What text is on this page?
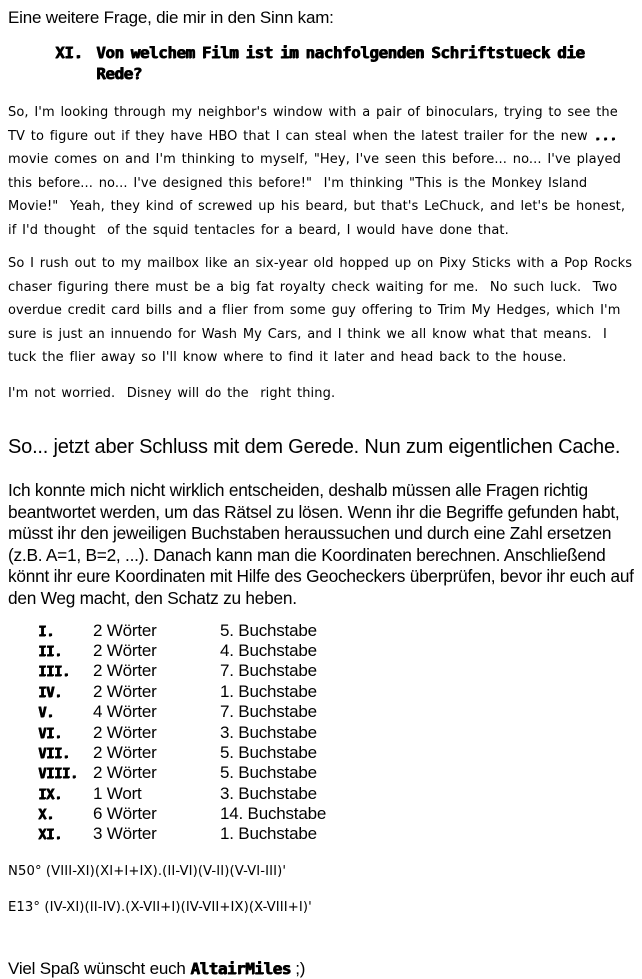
Eine weitere Frage, die mir in den Sinn kam:
XI. Von welchem Film ist im nachfolgenden Schriftstueck die Rede?
So, I'm looking through my neighbor's window with a pair of binoculars, trying to see the TV to figure out if they have HBO that I can steal when the latest trailer for the new ... movie comes on and I'm thinking to myself, "Hey, I've seen this before... no... I've played this before... no... I've designed this before!"  I'm thinking "This is the Monkey Island Movie!"  Yeah, they kind of screwed up his beard, but that's LeChuck, and let's be honest, if I'd thought  of the squid tentacles for a beard, I would have done that.
So I rush out to my mailbox like an six-year old hopped up on Pixy Sticks with a Pop Rocks chaser figuring there must be a big fat royalty check waiting for me.  No such luck.  Two overdue credit card bills and a flier from some guy offering to Trim My Hedges, which I'm sure is just an innuendo for Wash My Cars, and I think we all know what that means.  I tuck the flier away so I'll know where to find it later and head back to the house.
I'm not worried.  Disney will do the  right thing.
So... jetzt aber Schluss mit dem Gerede. Nun zum eigentlichen Cache.
Ich konnte mich nicht wirklich entscheiden, deshalb müssen alle Fragen richtig beantwortet werden, um das Rätsel zu lösen. Wenn ihr die Begriffe gefunden habt, müsst ihr den jeweiligen Buchstaben heraussuchen und durch eine Zahl ersetzen (z.B. A=1, B=2, ...). Danach kann man die Koordinaten berechnen. Anschließend könnt ihr eure Koordinaten mit Hilfe des Geocheckers überprüfen, bevor ihr euch auf den Weg macht, den Schatz zu heben.
I.	2 Wörter	5. Buchstabe
II.	2 Wörter	4. Buchstabe
III.	2 Wörter	7. Buchstabe
IV.	2 Wörter	1. Buchstabe
V.	4 Wörter	7. Buchstabe
VI.	2 Wörter	3. Buchstabe
VII.	2 Wörter	5. Buchstabe
VIII. 2 Wörter	5. Buchstabe
IX.	1 Wort	3. Buchstabe
X.	6 Wörter	14. Buchstabe
XI.	3 Wörter	1. Buchstabe
N50° (VIII-XI)(XI+I+IX).(II-VI)(V-II)(V-VI-III)'
E13° (IV-XI)(II-IV).(X-VII+I)(IV-VII+IX)(X-VIII+I)'
Viel Spaß wünscht euch AltairMiles ;)
